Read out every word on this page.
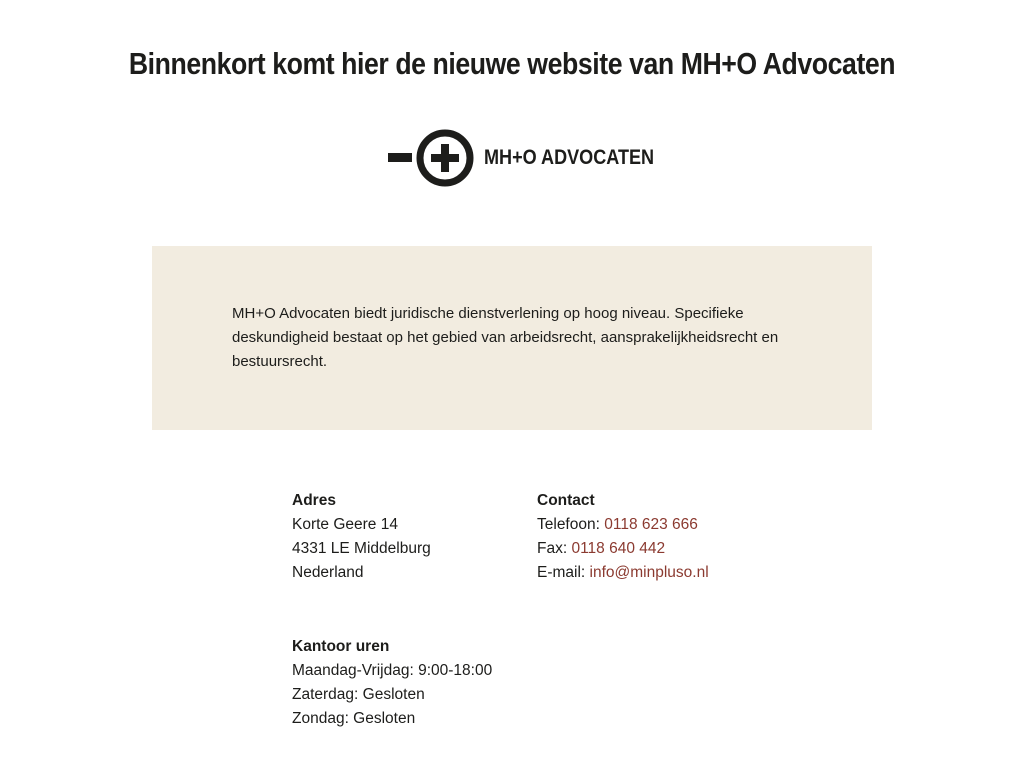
Binnenkort komt hier de nieuwe website van MH+O Advocaten
MH+O ADVOCATEN

MH+O Advocaten biedt juridische dienstverlening op hoog niveau. Specifieke deskundigheid bestaat op het gebied van arbeidsrecht, aansprakelijkheidsrecht en bestuursrecht.

Adres
Korte Geere 14
4331 LE Middelburg
Nederland
Contact
Telefoon: 0118 623 666
Fax: 0118 640 442
E-mail: info@minpluso.nl
Kantoor uren
Maandag-Vrijdag: 9:00-18:00
Zaterdag: Gesloten
Zondag: Gesloten
